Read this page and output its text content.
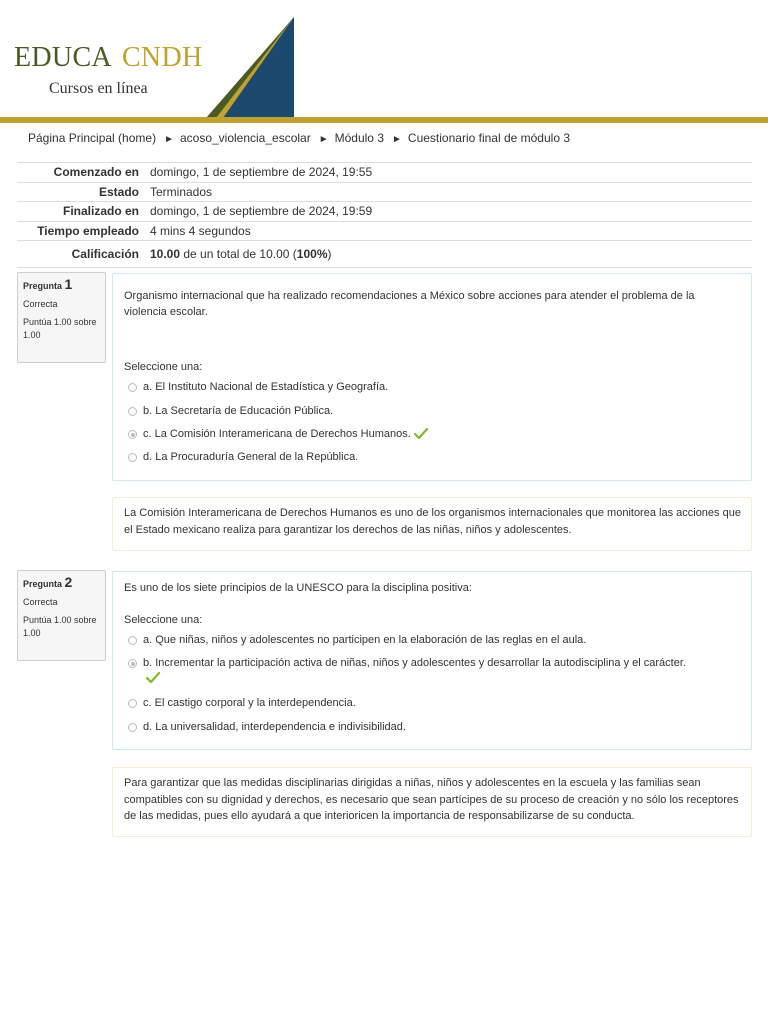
EDUCA CNDH
Cursos en línea
Página Principal (home) ► acoso_violencia_escolar ► Módulo 3 ► Cuestionario final de módulo 3
Comenzado en	domingo, 1 de septiembre de 2024, 19:55
Estado	Terminados
Finalizado en	domingo, 1 de septiembre de 2024, 19:59
Tiempo empleado	4 mins 4 segundos
Calificación	10.00 de un total de 10.00 (100%)
Pregunta 1
Correcta
Puntúa 1.00 sobre 1.00
Organismo internacional que ha realizado recomendaciones a México sobre acciones para atender el problema de la violencia escolar.
Seleccione una:
a. El Instituto Nacional de Estadística y Geografía.
b. La Secretaría de Educación Pública.
c. La Comisión Interamericana de Derechos Humanos.
d. La Procuraduría General de la República.
La Comisión Interamericana de Derechos Humanos es uno de los organismos internacionales que monitorea las acciones que el Estado mexicano realiza para garantizar los derechos de las niñas, niños y adolescentes.
Pregunta 2
Correcta
Puntúa 1.00 sobre 1.00
Es uno de los siete principios de la UNESCO para la disciplina positiva:
Seleccione una:
a. Que niñas, niños y adolescentes no participen en la elaboración de las reglas en el aula.
b. Incrementar la participación activa de niñas, niños y adolescentes y desarrollar la autodisciplina y el carácter.
c. El castigo corporal y la interdependencia.
d. La universalidad, interdependencia e indivisibilidad.
Para garantizar que las medidas disciplinarias dirigidas a niñas, niños y adolescentes en la escuela y las familias sean compatibles con su dignidad y derechos, es necesario que sean partícipes de su proceso de creación y no sólo los receptores de las medidas, pues ello ayudará a que interioricen la importancia de responsabilizarse de su conducta.
